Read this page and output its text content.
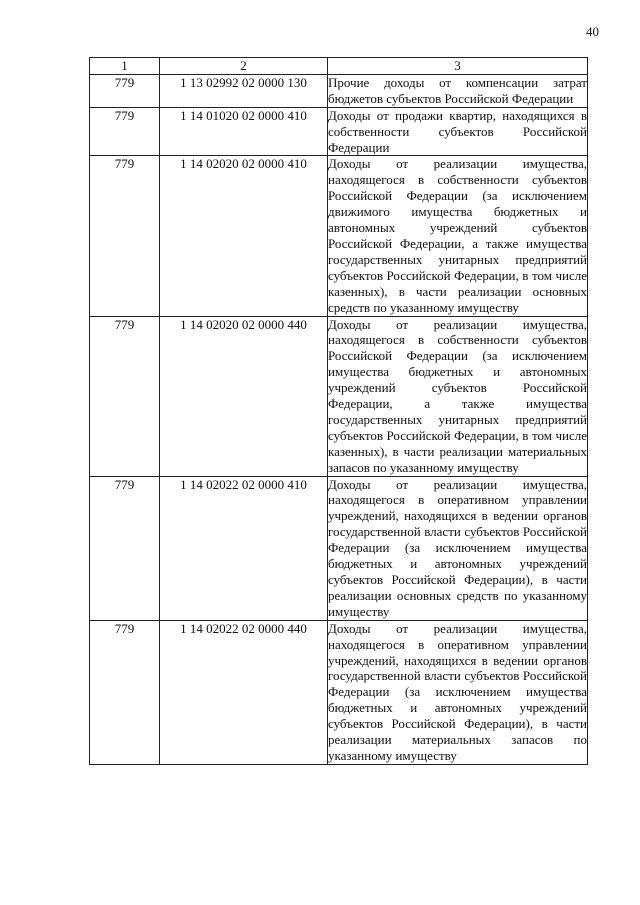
40
1	2	3
779	1 13 02992 02 0000 130	Прочие доходы от компенсации затрат бюджетов субъектов Российской Федерации
779	1 14 01020 02 0000 410	Доходы от продажи квартир, находящихся в собственности субъектов Российской Федерации
779	1 14 02020 02 0000 410	Доходы от реализации имущества, находящегося в собственности субъектов Российской Федерации (за исключением движимого имущества бюджетных и автономных учреждений субъектов Российской Федерации, а также имущества государственных унитарных предприятий субъектов Российской Федерации, в том числе казенных), в части реализации основных средств по указанному имуществу
779	1 14 02020 02 0000 440	Доходы от реализации имущества, находящегося в собственности субъектов Российской Федерации (за исключением имущества бюджетных и автономных учреждений субъектов Российской Федерации, а также имущества государственных унитарных предприятий субъектов Российской Федерации, в том числе казенных), в части реализации материальных запасов по указанному имуществу
779	1 14 02022 02 0000 410	Доходы от реализации имущества, находящегося в оперативном управлении учреждений, находящихся в ведении органов государственной власти субъектов Российской Федерации (за исключением имущества бюджетных и автономных учреждений субъектов Российской Федерации), в части реализации основных средств по указанному имуществу
779	1 14 02022 02 0000 440	Доходы от реализации имущества, находящегося в оперативном управлении учреждений, находящихся в ведении органов государственной власти субъектов Российской Федерации (за исключением имущества бюджетных и автономных учреждений субъектов Российской Федерации), в части реализации материальных запасов по указанному имуществу
